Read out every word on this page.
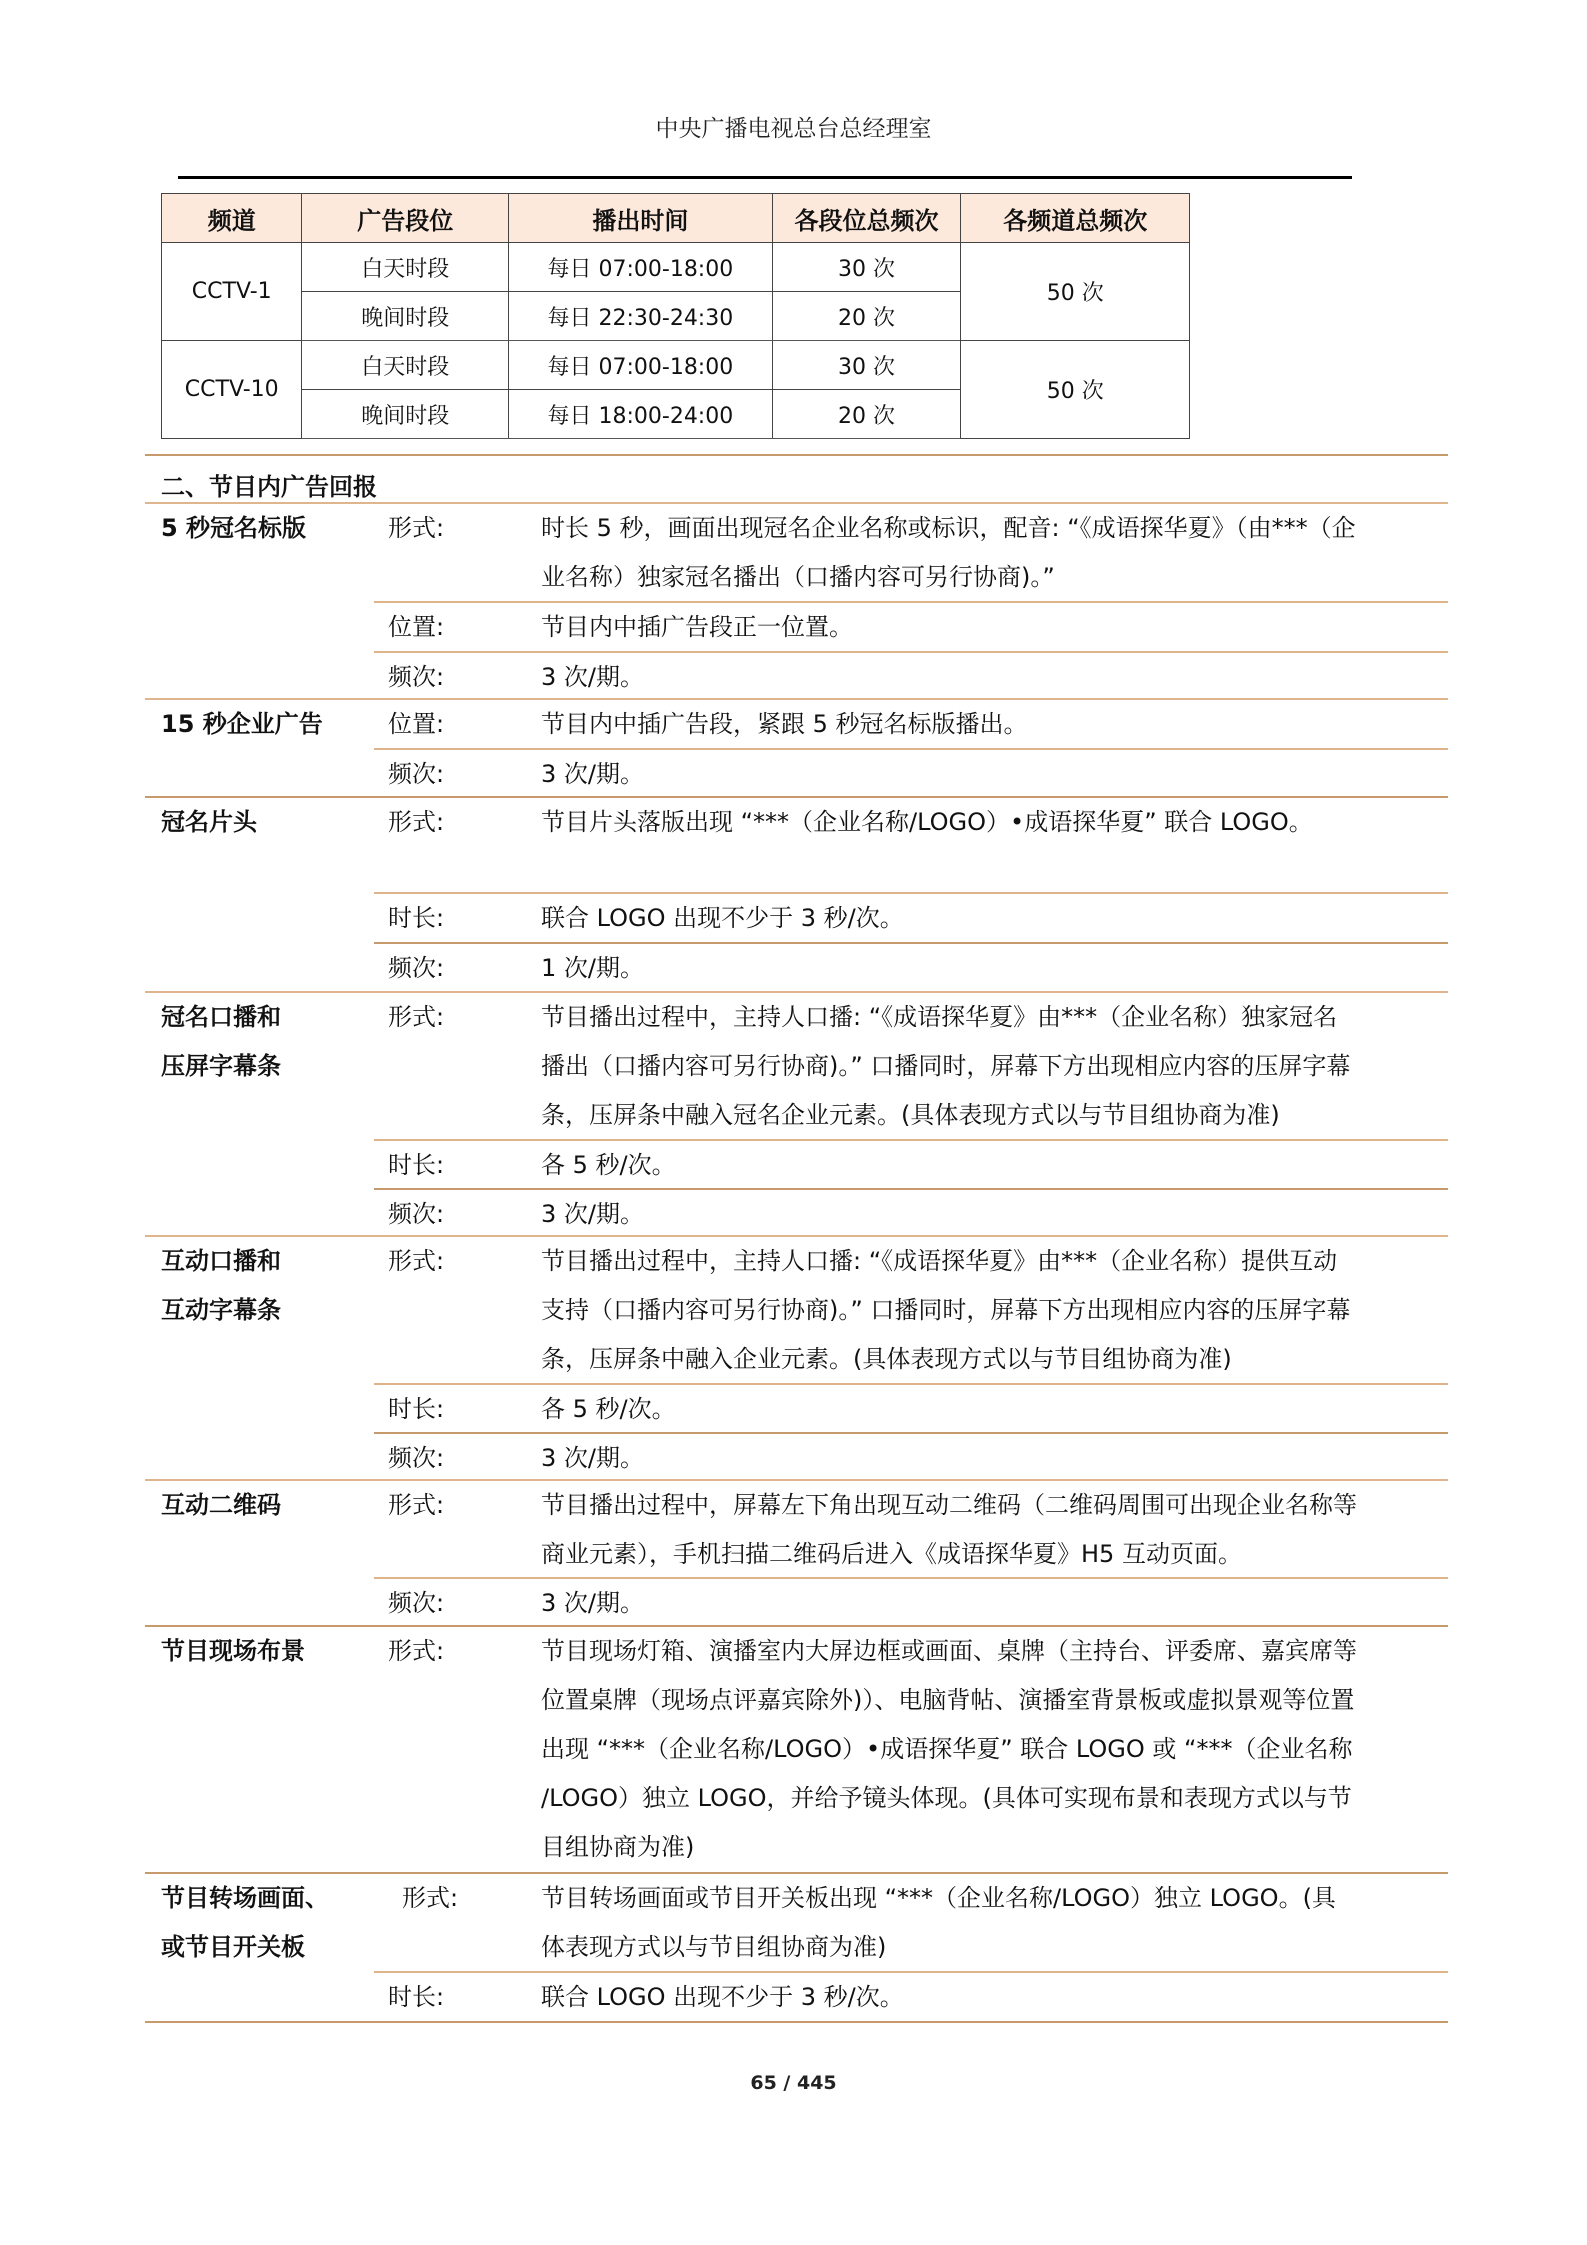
中央广播电视总台总经理室
频道	广告段位	播出时间	各段位总频次	各频道总频次
CCTV-1	白天时段	每日 07:00-18:00	30 次	50 次
	晚间时段	每日 22:30-24:30	20 次	
CCTV-10	白天时段	每日 07:00-18:00	30 次	50 次
	晚间时段	每日 18:00-24:00	20 次	
二、节目内广告回报
5 秒冠名标版	形式:	时长 5 秒，画面出现冠名企业名称或标识，配音: “《成语探华夏》（由***（企
业名称）独家冠名播出（口播内容可另行协商)。”
位置:	节目内中插广告段正一位置。
频次:	3 次/期。
15 秒企业广告	位置:	节目内中插广告段，紧跟 5 秒冠名标版播出。
频次:	3 次/期。
冠名片头	形式:	节目片头落版出现 “***（企业名称/LOGO）•成语探华夏” 联合 LOGO。
时长:	联合 LOGO 出现不少于 3 秒/次。
频次:	1 次/期。
冠名口播和
压屏字幕条
形式:	节目播出过程中，主持人口播: “《成语探华夏》由***（企业名称）独家冠名
播出（口播内容可另行协商)。” 口播同时，屏幕下方出现相应内容的压屏字幕
条，压屏条中融入冠名企业元素。(具体表现方式以与节目组协商为准)
时长:	各 5 秒/次。
频次:	3 次/期。
互动口播和
互动字幕条
形式:	节目播出过程中，主持人口播: “《成语探华夏》由***（企业名称）提供互动
支持（口播内容可另行协商)。” 口播同时，屏幕下方出现相应内容的压屏字幕
条，压屏条中融入企业元素。(具体表现方式以与节目组协商为准)
时长:	各 5 秒/次。
频次:	3 次/期。
互动二维码	形式:	节目播出过程中，屏幕左下角出现互动二维码（二维码周围可出现企业名称等
商业元素），手机扫描二维码后进入《成语探华夏》H5 互动页面。
频次:	3 次/期。
节目现场布景	形式:	节目现场灯箱、演播室内大屏边框或画面、桌牌（主持台、评委席、嘉宾席等
位置桌牌（现场点评嘉宾除外)）、电脑背帖、演播室背景板或虚拟景观等位置
出现 “***（企业名称/LOGO）•成语探华夏” 联合 LOGO 或 “***（企业名称
/LOGO）独立 LOGO，并给予镜头体现。(具体可实现布景和表现方式以与节
目组协商为准)
节目转场画面、
或节目开关板
形式:	节目转场画面或节目开关板出现 “***（企业名称/LOGO）独立 LOGO。(具
体表现方式以与节目组协商为准)
时长:	联合 LOGO 出现不少于 3 秒/次。
65 / 445
